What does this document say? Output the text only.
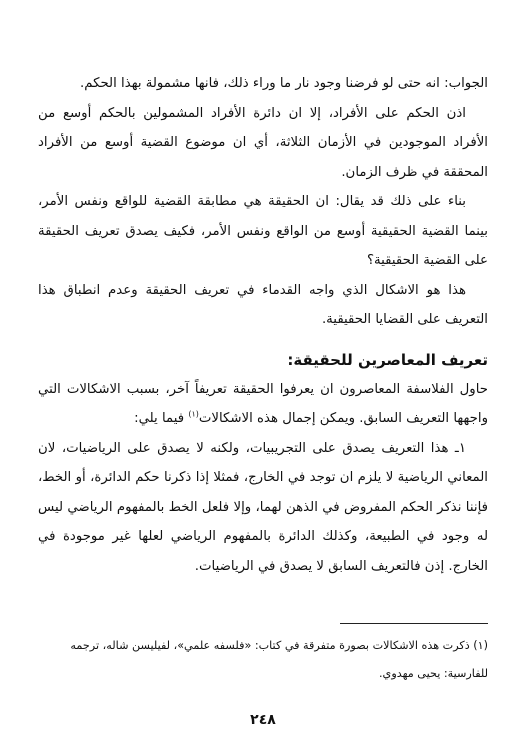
الجواب: انه حتى لو فرضنا وجود نار ما وراء ذلك، فانها مشمولة بهذا الحكم.

اذن الحكم على الأفراد، إلا ان دائرة الأفراد المشمولين بالحكم أوسع من الأفراد الموجودين في الأزمان الثلاثة، أي ان موضوع القضية أوسع من الأفراد المحققة في ظرف الزمان.

بناء على ذلك قد يقال: ان الحقيقة هي مطابقة القضية للواقع ونفس الأمر، بينما القضية الحقيقية أوسع من الواقع ونفس الأمر، فكيف يصدق تعريف الحقيقة على القضية الحقيقية؟

هذا هو الاشكال الذي واجه القدماء في تعريف الحقيقة وعدم انطباق هذا التعريف على القضايا الحقيقية.

تعريف المعاصرين للحقيقة:

حاول الفلاسفة المعاصرون ان يعرفوا الحقيقة تعريفاً آخر، بسبب الاشكالات التي واجهها التعريف السابق. ويمكن إجمال هذه الاشكالات$^{(١)}$ فيما يلي:

١ـ هذا التعريف يصدق على التجريبيات، ولكنه لا يصدق على الرياضيات، لان المعاني الرياضية لا يلزم ان توجد في الخارج، فمثلا إذا ذكرنا حكم الدائرة، أو الخط، فإننا نذكر الحكم المفروض في الذهن لهما، وإلا فلعل الخط بالمفهوم الرياضي ليس له وجود في الطبيعة، وكذلك الدائرة بالمفهوم الرياضي لعلها غير موجودة في الخارج. إذن فالتعريف السابق لا يصدق في الرياضيات.

(١) ذكرت هذه الاشكالات بصورة متفرقة في كتاب: «فلسفه علمي»، لفيليسن شاله، ترجمه للفارسية: يحيى مهدوي.

٢٤٨
